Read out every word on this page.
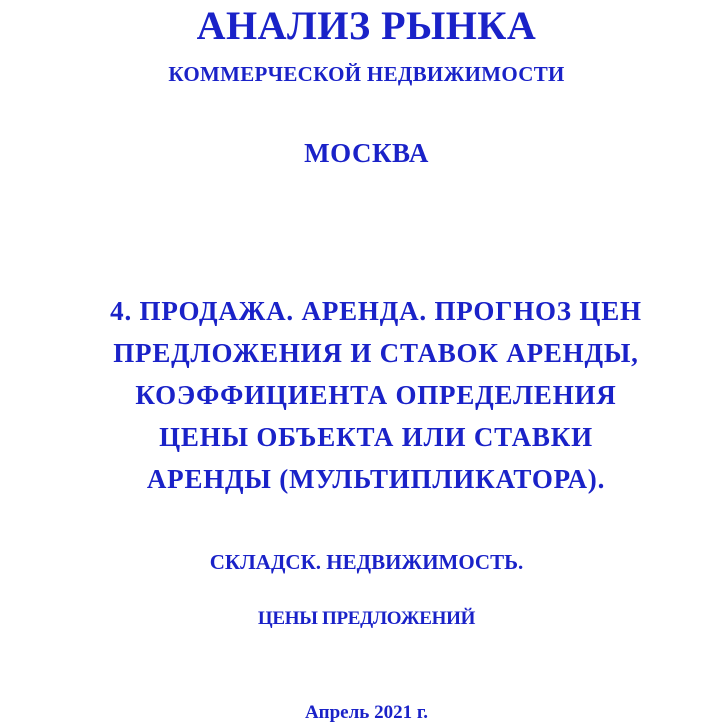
АНАЛИЗ РЫНКА
КОММЕРЧЕСКОЙ НЕДВИЖИМОСТИ
МОСКВА
4. ПРОДАЖА. АРЕНДА. ПРОГНОЗ ЦЕН
ПРЕДЛОЖЕНИЯ И СТАВОК АРЕНДЫ,
КОЭФФИЦИЕНТА ОПРЕДЕЛЕНИЯ
ЦЕНЫ ОБЪЕКТА ИЛИ СТАВКИ
АРЕНДЫ (МУЛЬТИПЛИКАТОРА).
СКЛАДСК. НЕДВИЖИМОСТЬ.
ЦЕНЫ ПРЕДЛОЖЕНИЙ
Апрель 2021 г.
